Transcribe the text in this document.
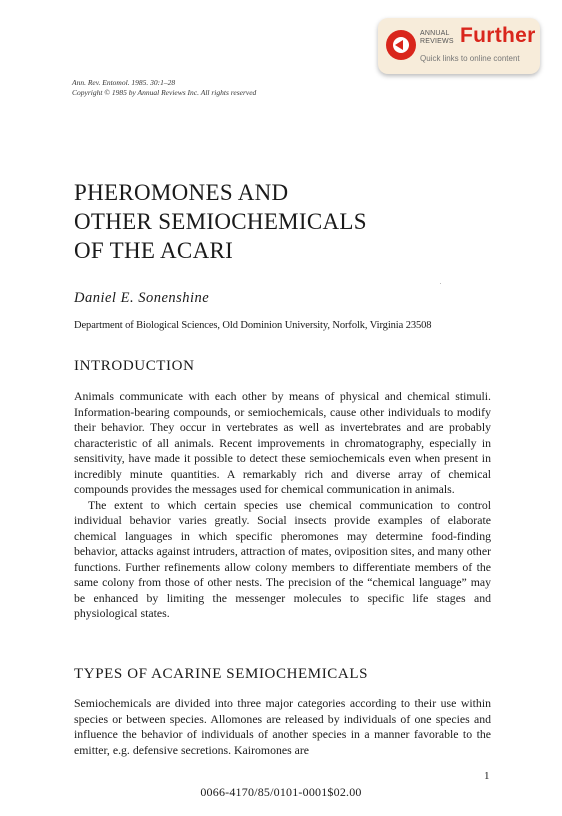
ANNUAL
REVIEWS Further
Quick links to online content
Ann. Rev. Entomol. 1985. 30:1–28
Copyright © 1985 by Annual Reviews Inc. All rights reserved
PHEROMONES AND
OTHER SEMIOCHEMICALS
OF THE ACARI
Daniel E. Sonenshine
Department of Biological Sciences, Old Dominion University, Norfolk, Virginia 23508
INTRODUCTION

Animals communicate with each other by means of physical and chemical stimuli. Information-bearing compounds, or semiochemicals, cause other individuals to modify their behavior. They occur in vertebrates as well as invertebrates and are probably characteristic of all animals. Recent improvements in chromatography, especially in sensitivity, have made it possible to detect these semiochemicals even when present in incredibly minute quantities. A remarkably rich and diverse array of chemical compounds provides the messages used for chemical communication in animals.

The extent to which certain species use chemical communication to control individual behavior varies greatly. Social insects provide examples of elaborate chemical languages in which specific pheromones may determine food-finding behavior, attacks against intruders, attraction of mates, oviposition sites, and many other functions. Further refinements allow colony members to differentiate members of the same colony from those of other nests. The precision of the “chemical language” may be enhanced by limiting the messenger molecules to specific life stages and physiological states.

TYPES OF ACARINE SEMIOCHEMICALS

Semiochemicals are divided into three major categories according to their use within species or between species. Allomones are released by individuals of one species and influence the behavior of individuals of another species in a manner favorable to the emitter, e.g. defensive secretions. Kairomones are

1
0066-4170/85/0101-0001$02.00
